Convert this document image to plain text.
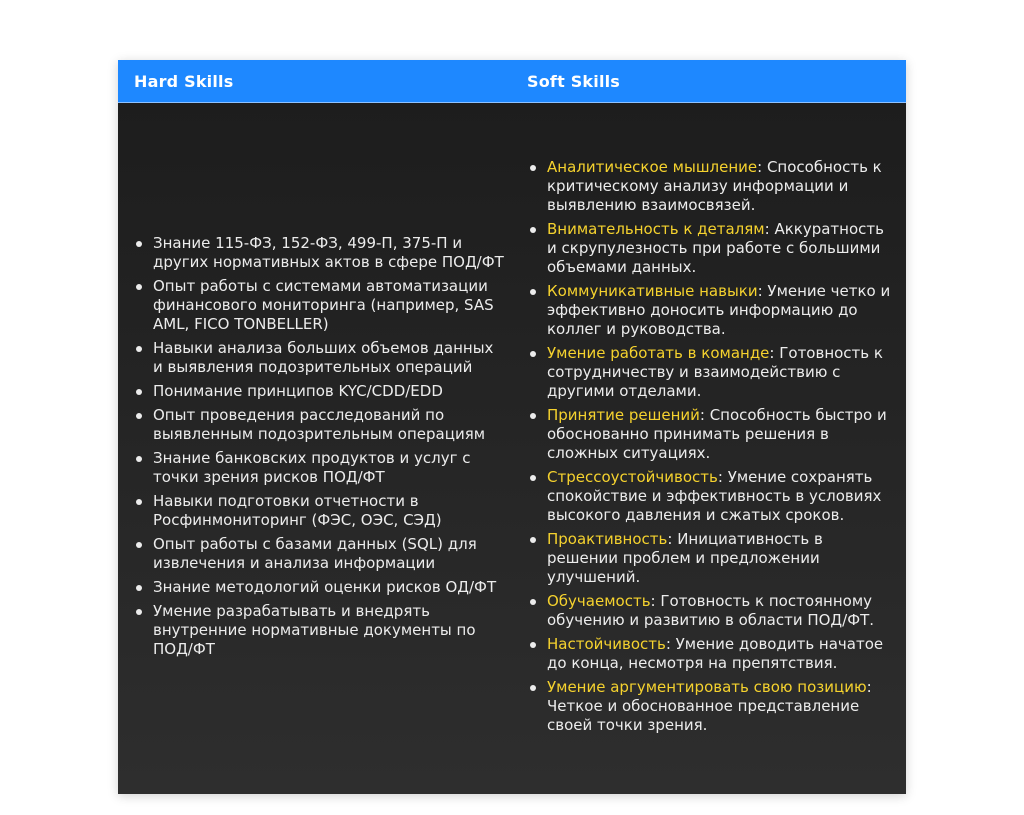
Hard Skills	Soft Skills
Знание 115-ФЗ, 152-ФЗ, 499-П, 375-П и других нормативных актов в сфере ПОД/ФТ
Опыт работы с системами автоматизации финансового мониторинга (например, SAS AML, FICO TONBELLER)
Навыки анализа больших объемов данных и выявления подозрительных операций
Понимание принципов KYC/CDD/EDD
Опыт проведения расследований по выявленным подозрительным операциям
Знание банковских продуктов и услуг с точки зрения рисков ПОД/ФТ
Навыки подготовки отчетности в Росфинмониторинг (ФЭС, ОЭС, СЭД)
Опыт работы с базами данных (SQL) для извлечения и анализа информации
Знание методологий оценки рисков ОД/ФТ
Умение разрабатывать и внедрять внутренние нормативные документы по ПОД/ФТ
Аналитическое мышление: Способность к критическому анализу информации и выявлению взаимосвязей.
Внимательность к деталям: Аккуратность и скрупулезность при работе с большими объемами данных.
Коммуникативные навыки: Умение четко и эффективно доносить информацию до коллег и руководства.
Умение работать в команде: Готовность к сотрудничеству и взаимодействию с другими отделами.
Принятие решений: Способность быстро и обоснованно принимать решения в сложных ситуациях.
Стрессоустойчивость: Умение сохранять спокойствие и эффективность в условиях высокого давления и сжатых сроков.
Проактивность: Инициативность в решении проблем и предложении улучшений.
Обучаемость: Готовность к постоянному обучению и развитию в области ПОД/ФТ.
Настойчивость: Умение доводить начатое до конца, несмотря на препятствия.
Умение аргументировать свою позицию: Четкое и обоснованное представление своей точки зрения.
